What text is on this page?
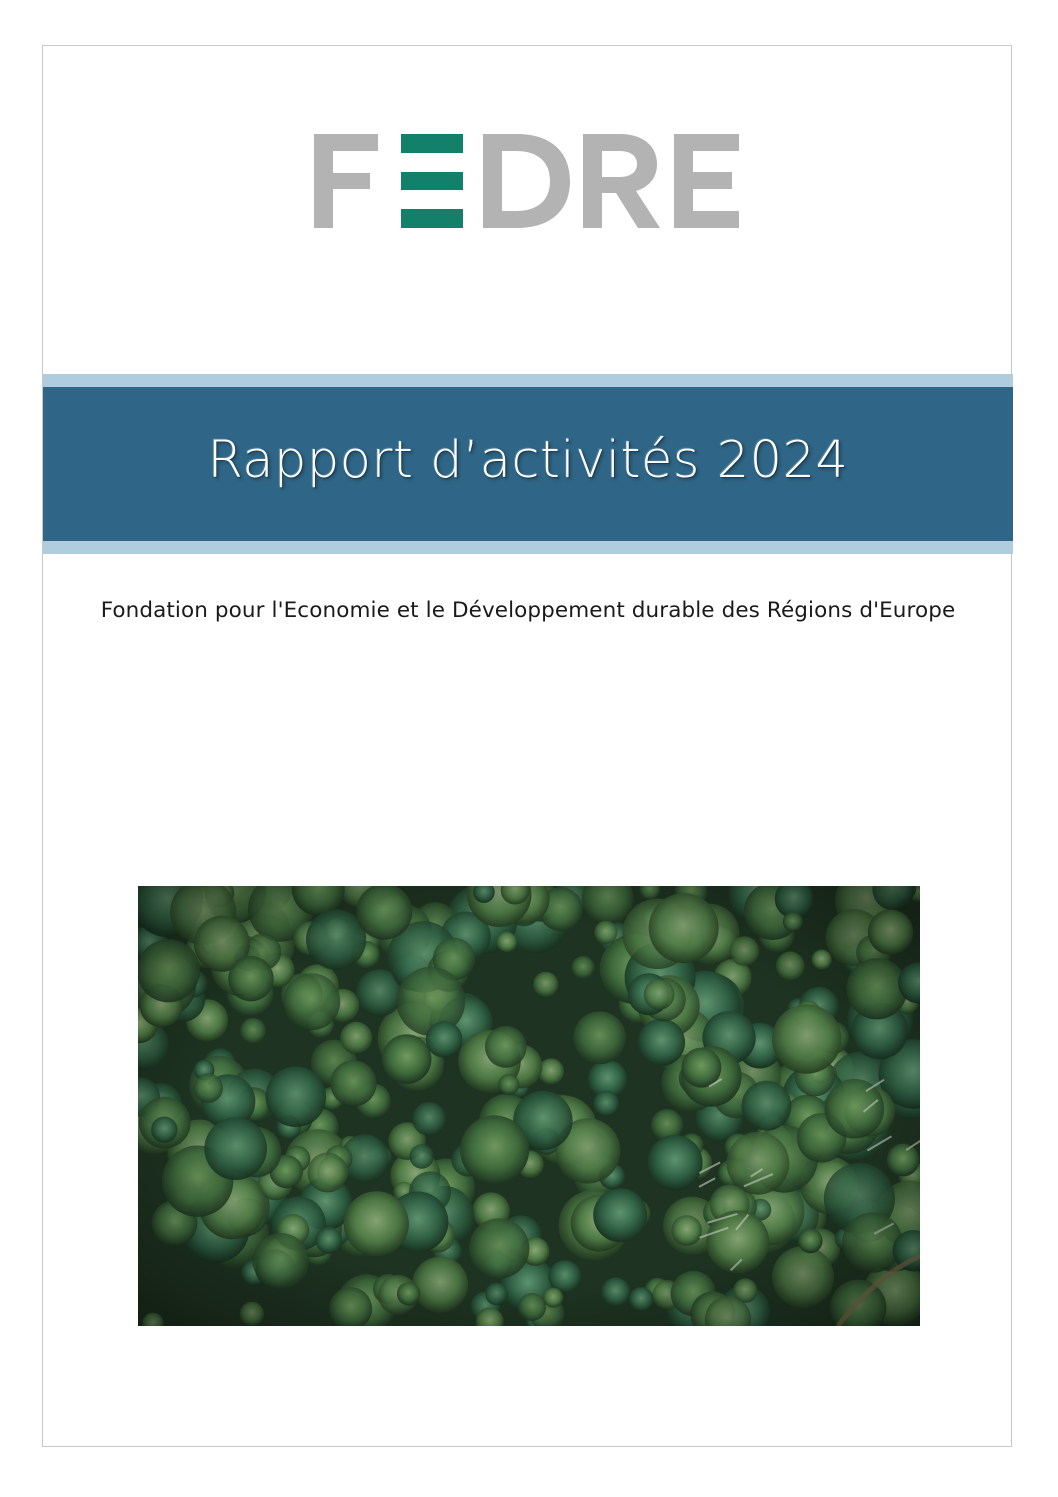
Rapport d’activités 2024
Fondation pour l'Economie et le Développement durable des Régions d'Europe
